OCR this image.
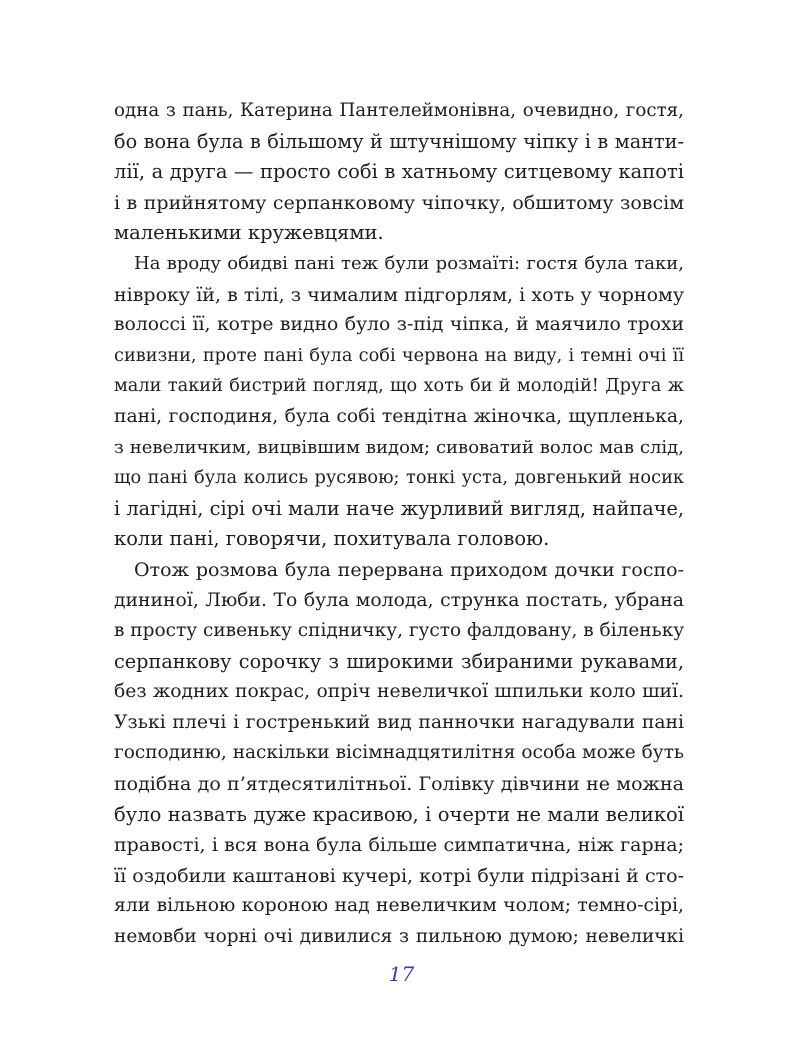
одна з пань, Катерина Пантелеймонівна, очевидно, гостя,
бо вона була в більшому й штучнішому чіпку і в манти-
лії, а друга — просто собі в хатньому ситцевому капоті
і в прийнятому серпанковому чіпочку, обшитому зовсім
маленькими кружевцями.
На вроду обидві пані теж були розмаїті: гостя була таки,
нівроку їй, в тілі, з чималим підгорлям, і хоть у чорному
волоссі її, котре видно було з-під чіпка, й маячило трохи
сивизни, проте пані була собі червона на виду, і темні очі її
мали такий бистрий погляд, що хоть би й молодій! Друга ж
пані, господиня, була собі тендітна жіночка, щупленька,
з невеличким, вицвівшим видом; сивоватий волос мав слід,
що пані була колись русявою; тонкі уста, довгенький носик
і лагідні, сірі очі мали наче журливий вигляд, найпаче,
коли пані, говорячи, похитувала головою.
Отож розмова була перервана приходом дочки госпо-
дининої, Люби. То була молода, струнка постать, убрана
в просту сивеньку спідничку, густо фалдовану, в біленьку
серпанкову сорочку з широкими збираними рукавами,
без жодних покрас, опріч невеличкої шпильки коло шиї.
Узькі плечі і гостренький вид панночки нагадували пані
господиню, наскільки вісімнадцятилітня особа може буть
подібна до п’ятдесятилітньої. Голівку дівчини не можна
було назвать дуже красивою, і очерти не мали великої
правості, і вся вона була більше симпатична, ніж гарна;
її оздобили каштанові кучері, котрі були підрізані й сто-
яли вільною короною над невеличким чолом; темно-сірі,
немовби чорні очі дивилися з пильною думою; невеличкі
17
